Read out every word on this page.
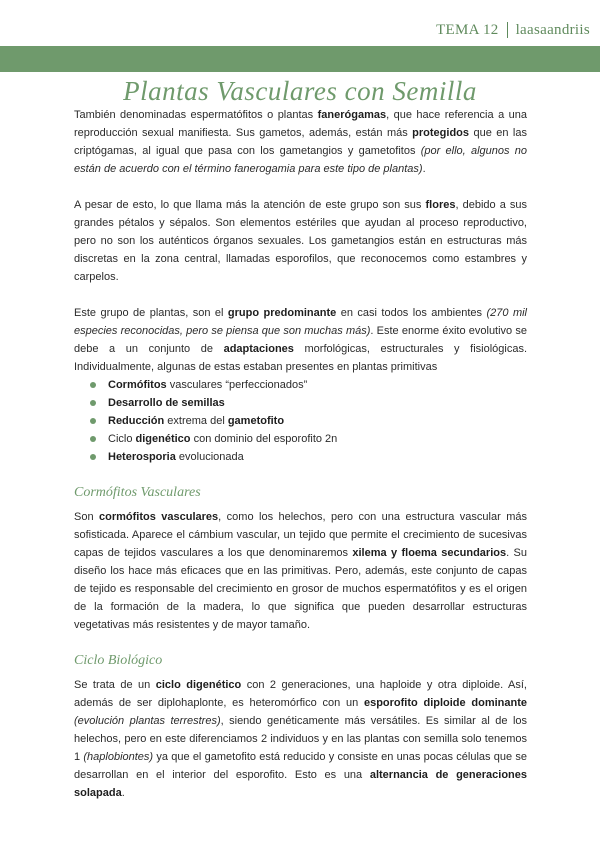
TEMA 12 laasaandriis
Plantas Vasculares con Semilla

También denominadas espermatófitos o plantas fanerógamas, que hace referencia a una reproducción sexual manifiesta. Sus gametos, además, están más protegidos que en las criptógamas, al igual que pasa con los gametangios y gametofitos (por ello, algunos no están de acuerdo con el término fanerogamia para este tipo de plantas).

A pesar de esto, lo que llama más la atención de este grupo son sus flores, debido a sus grandes pétalos y sépalos. Son elementos estériles que ayudan al proceso reproductivo, pero no son los auténticos órganos sexuales. Los gametangios están en estructuras más discretas en la zona central, llamadas esporofilos, que reconocemos como estambres y carpelos.

Este grupo de plantas, son el grupo predominante en casi todos los ambientes (270 mil especies reconocidas, pero se piensa que son muchas más). Este enorme éxito evolutivo se debe a un conjunto de adaptaciones morfológicas, estructurales y fisiológicas. Individualmente, algunas de estas estaban presentes en plantas primitivas

Cormófitos vasculares “perfeccionados”
Desarrollo de semillas
Reducción extrema del gametofito
Ciclo digenético con dominio del esporofito 2n
Heterosporia evolucionada
Cormófitos Vasculares

Son cormófitos vasculares, como los helechos, pero con una estructura vascular más sofisticada. Aparece el cámbium vascular, un tejido que permite el crecimiento de sucesivas capas de tejidos vasculares a los que denominaremos xilema y floema secundarios. Su diseño los hace más eficaces que en las primitivas. Pero, además, este conjunto de capas de tejido es responsable del crecimiento en grosor de muchos espermatófitos y es el origen de la formación de la madera, lo que significa que pueden desarrollar estructuras vegetativas más resistentes y de mayor tamaño.

Ciclo Biológico

Se trata de un ciclo digenético con 2 generaciones, una haploide y otra diploide. Así, además de ser diplohaplonte, es heteromórfico con un esporofito diploide dominante (evolución plantas terrestres), siendo genéticamente más versátiles. Es similar al de los helechos, pero en este diferenciamos 2 individuos y en las plantas con semilla solo tenemos 1 (haplobiontes) ya que el gametofito está reducido y consiste en unas pocas células que se desarrollan en el interior del esporofito. Esto es una alternancia de generaciones solapada.
